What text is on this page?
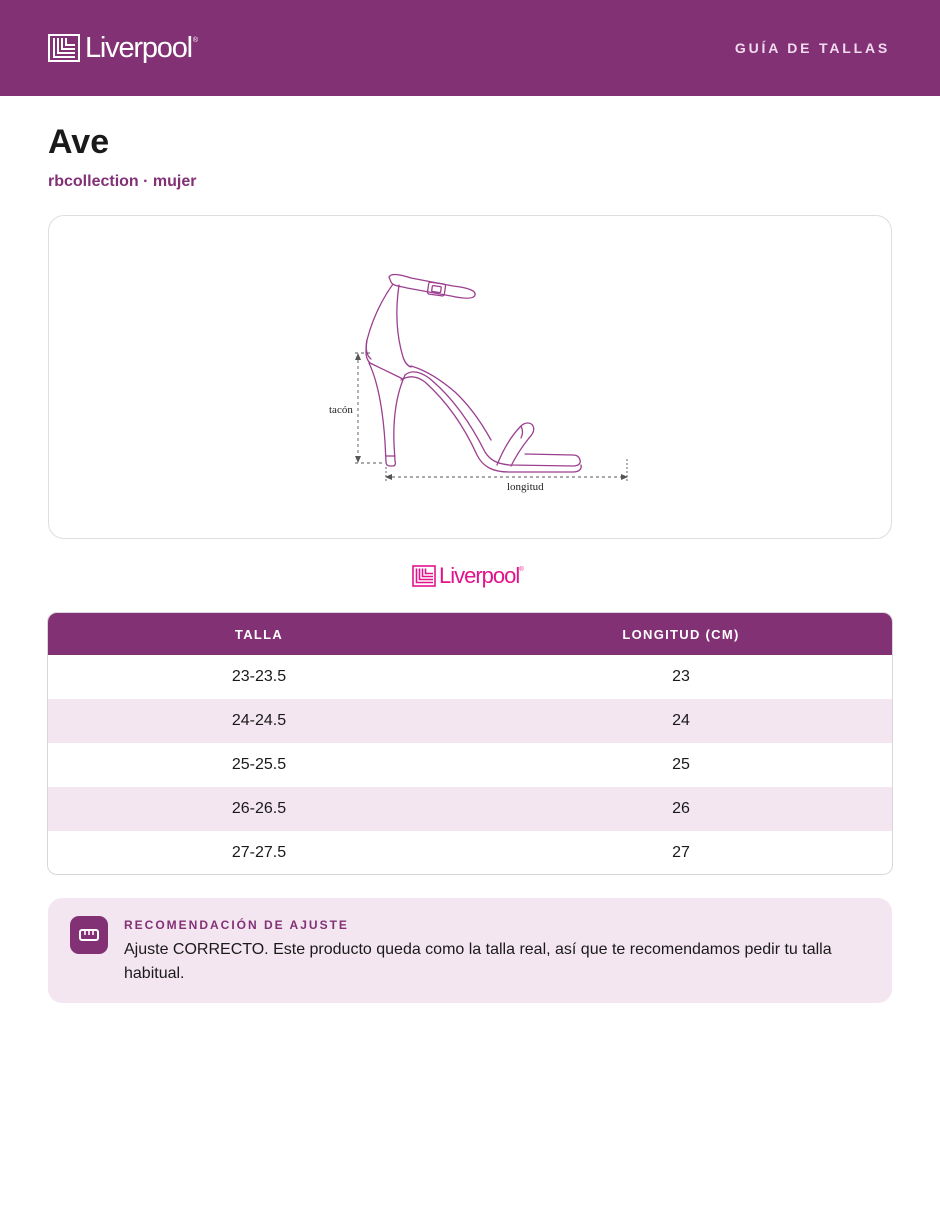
Liverpool ®	GUÍA DE TALLAS
Ave
rbcollection · mujer
tacón
longitud
Liverpool ®
TALLA	LONGITUD (CM)
23-23.5	23
24-24.5	24
25-25.5	25
26-26.5	26
27-27.5	27
RECOMENDACIÓN DE AJUSTE
Ajuste CORRECTO. Este producto queda como la talla real, así que te recomendamos pedir tu talla habitual.
